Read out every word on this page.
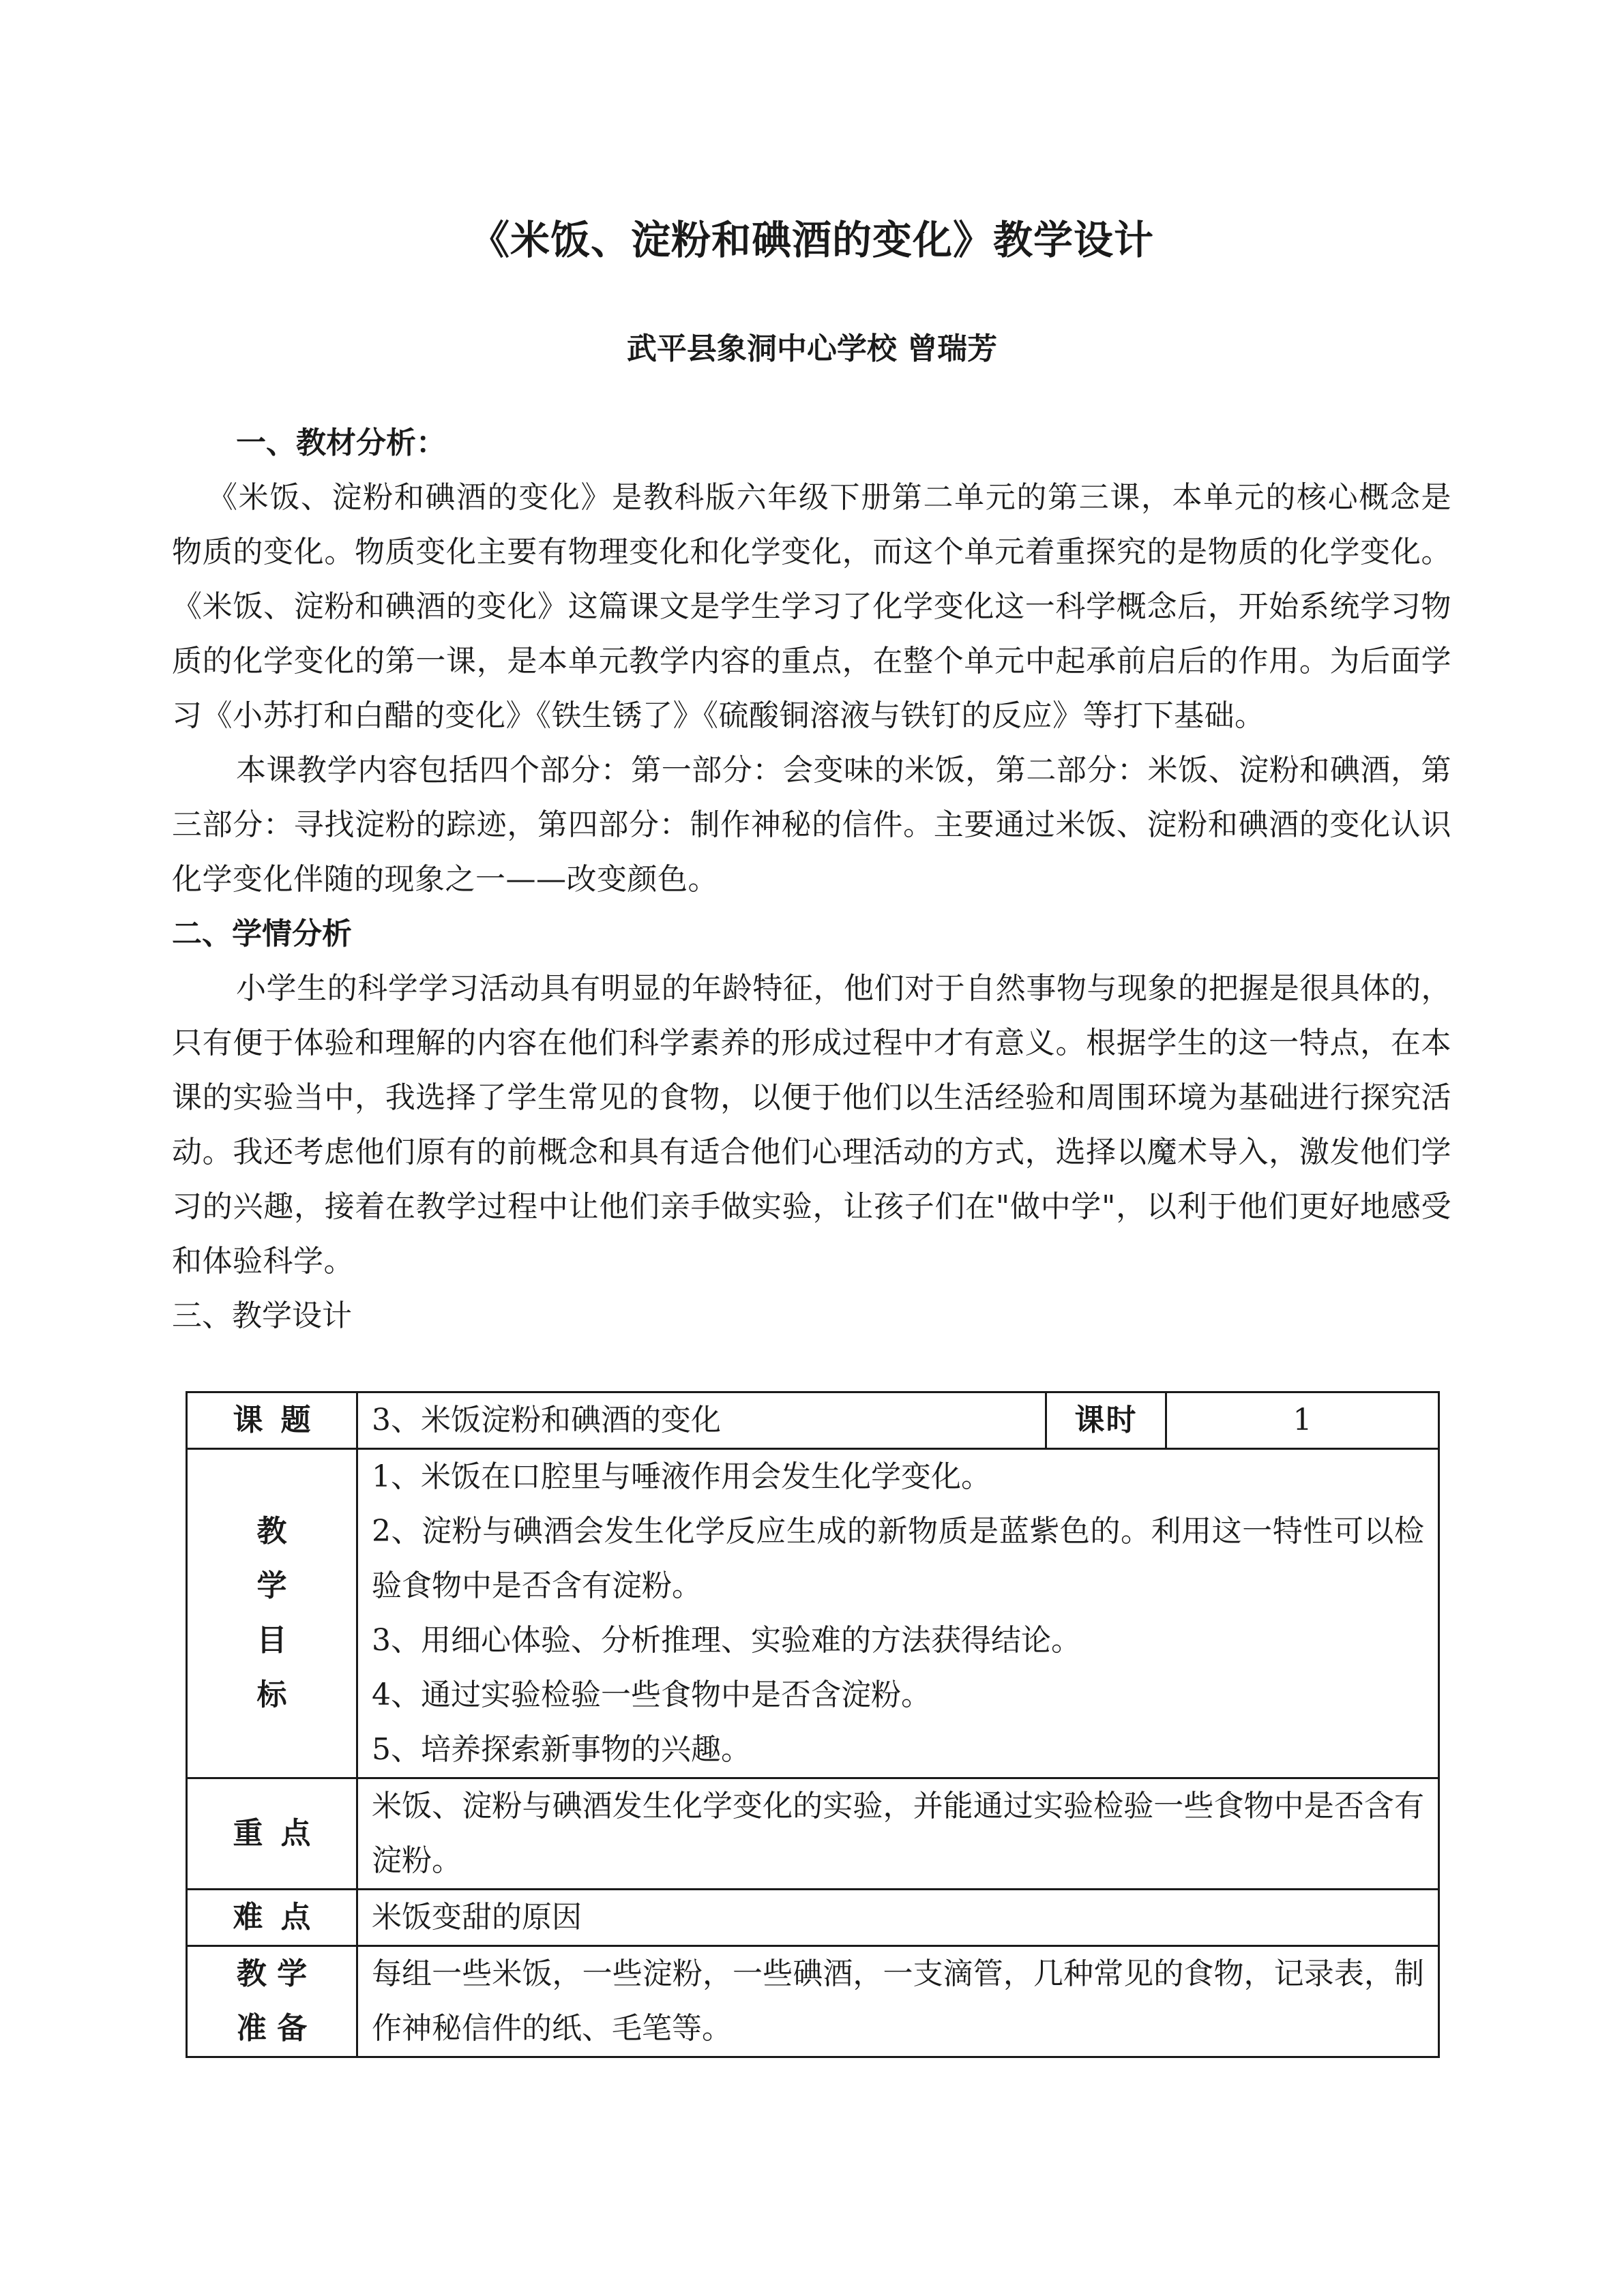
《米饭、淀粉和碘酒的变化》教学设计
武平县象洞中心学校 曾瑞芳
一、教材分析：

《米饭、淀粉和碘酒的变化》是教科版六年级下册第二单元的第三课，本单元的核心概念是物质的变化。物质变化主要有物理变化和化学变化，而这个单元着重探究的是物质的化学变化。《米饭、淀粉和碘酒的变化》这篇课文是学生学习了化学变化这一科学概念后，开始系统学习物质的化学变化的第一课，是本单元教学内容的重点，在整个单元中起承前启后的作用。为后面学习《小苏打和白醋的变化》《铁生锈了》《硫酸铜溶液与铁钉的反应》等打下基础。

本课教学内容包括四个部分：第一部分：会变味的米饭，第二部分：米饭、淀粉和碘酒，第三部分：寻找淀粉的踪迹，第四部分：制作神秘的信件。主要通过米饭、淀粉和碘酒的变化认识化学变化伴随的现象之一——改变颜色。

二、学情分析

小学生的科学学习活动具有明显的年龄特征，他们对于自然事物与现象的把握是很具体的，只有便于体验和理解的内容在他们科学素养的形成过程中才有意义。根据学生的这一特点，在本课的实验当中，我选择了学生常见的食物，以便于他们以生活经验和周围环境为基础进行探究活动。我还考虑他们原有的前概念和具有适合他们心理活动的方式，选择以魔术导入，激发他们学习的兴趣，接着在教学过程中让他们亲手做实验，让孩子们在"做中学"，以利于他们更好地感受和体验科学。

三、教学设计
课题	3、米饭淀粉和碘酒的变化	课时	1

教
学
目
标	1、米饭在口腔里与唾液作用会发生化学变化。
2、淀粉与碘酒会发生化学反应生成的新物质是蓝紫色的。利用这一特性可以检验食物中是否含有淀粉。
3、用细心体验、分析推理、实验难的方法获得结论。
4、通过实验检验一些食物中是否含淀粉。
5、培养探索新事物的兴趣。		

重点	米饭、淀粉与碘酒发生化学变化的实验，并能通过实验检验一些食物中是否含有淀粉。		
难点	米饭变甜的原因		

教 学
准 备	每组一些米饭，一些淀粉，一些碘酒，一支滴管，几种常见的食物，记录表，制作神秘信件的纸、毛笔等。		
